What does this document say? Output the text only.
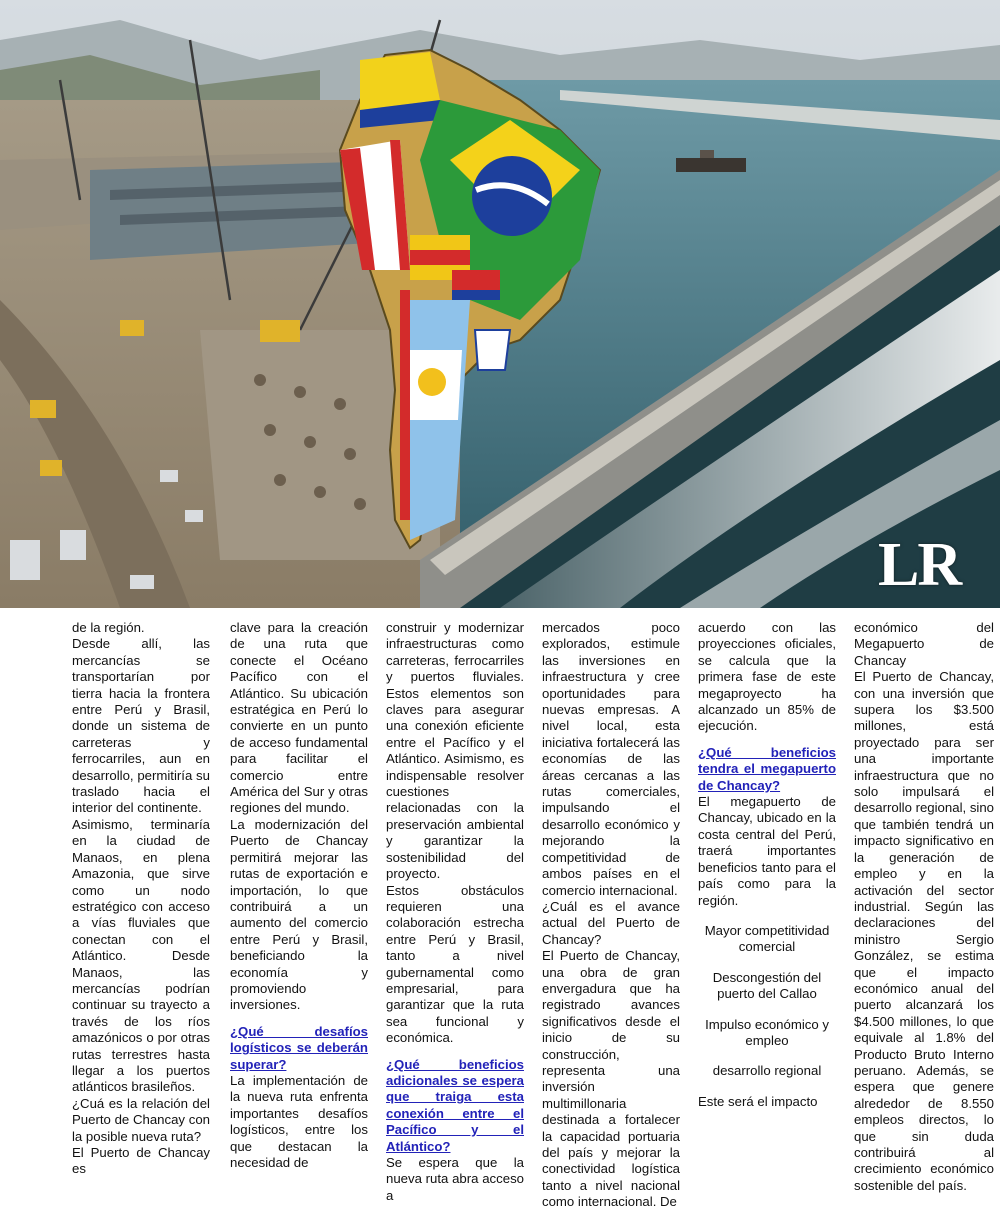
LR

de la región.

Desde allí, las mercancías se transportarían por tierra hacia la frontera entre Perú y Brasil, donde un sistema de carreteras y ferrocarriles, aun en desarrollo, permitiría su traslado hacia el interior del continente.

Asimismo, terminaría en la ciudad de Manaos, en plena Amazonia, que sirve como un nodo estratégico con acceso a vías fluviales que conectan con el Atlántico. Desde Manaos, las mercancías podrían continuar su trayecto a través de los ríos amazónicos o por otras rutas terrestres hasta llegar a los puertos atlánticos brasileños.

¿Cuá es la relación del Puerto de Chancay con la posible nueva ruta?

El Puerto de Chancay es

clave para la creación de una ruta que conecte el Océano Pacífico con el Atlántico. Su ubicación estratégica en Perú lo convierte en un punto de acceso fundamental para facilitar el comercio entre América del Sur y otras regiones del mundo.

La modernización del Puerto de Chancay permitirá mejorar las rutas de exportación e importación, lo que contribuirá a un aumento del comercio entre Perú y Brasil, beneficiando la economía y promoviendo inversiones.

¿Qué desafíos logísticos se deberán superar?

La implementación de la nueva ruta enfrenta importantes desafíos logísticos, entre los que destacan la necesidad de

construir y modernizar infraestructuras como carreteras, ferrocarriles y puertos fluviales. Estos elementos son claves para asegurar una conexión eficiente entre el Pacífico y el Atlántico. Asimismo, es indispensable resolver cuestiones relacionadas con la preservación ambiental y garantizar la sostenibilidad del proyecto.

Estos obstáculos requieren una colaboración estrecha entre Perú y Brasil, tanto a nivel gubernamental como empresarial, para garantizar que la ruta sea funcional y económica.

¿Qué beneficios adicionales se espera que traiga esta conexión entre el Pacífico y el Atlántico?

Se espera que la nueva ruta abra acceso a

mercados poco explorados, estimule las inversiones en infraestructura y cree oportunidades para nuevas empresas. A nivel local, esta iniciativa fortalecerá las economías de las áreas cercanas a las rutas comerciales, impulsando el desarrollo económico y mejorando la competitividad de ambos países en el comercio internacional.

¿Cuál es el avance actual del Puerto de Chancay?

El Puerto de Chancay, una obra de gran envergadura que ha registrado avances significativos desde el inicio de su construcción, representa una inversión multimillonaria destinada a fortalecer la capacidad portuaria del país y mejorar la conectividad logística tanto a nivel nacional como internacional. De

acuerdo con las proyecciones oficiales, se calcula que la primera fase de este megaproyecto ha alcanzado un 85% de ejecución.

¿Qué beneficios tendra el megapuerto de Chancay?

El megapuerto de Chancay, ubicado en la costa central del Perú, traerá importantes beneficios tanto para el país como para la región.

Mayor competitividad comercial

Descongestión del puerto del Callao

Impulso económico y empleo

desarrollo regional

Este será el impacto

económico del Megapuerto de Chancay

El Puerto de Chancay, con una inversión que supera los $3.500 millones, está proyectado para ser una importante infraestructura que no solo impulsará el desarrollo regional, sino que también tendrá un impacto significativo en la generación de empleo y en la activación del sector industrial. Según las declaraciones del ministro Sergio González, se estima que el impacto económico anual del puerto alcanzará los $4.500 millones, lo que equivale al 1.8% del Producto Bruto Interno peruano. Además, se espera que genere alrededor de 8.550 empleos directos, lo que sin duda contribuirá al crecimiento económico sostenible del país.
